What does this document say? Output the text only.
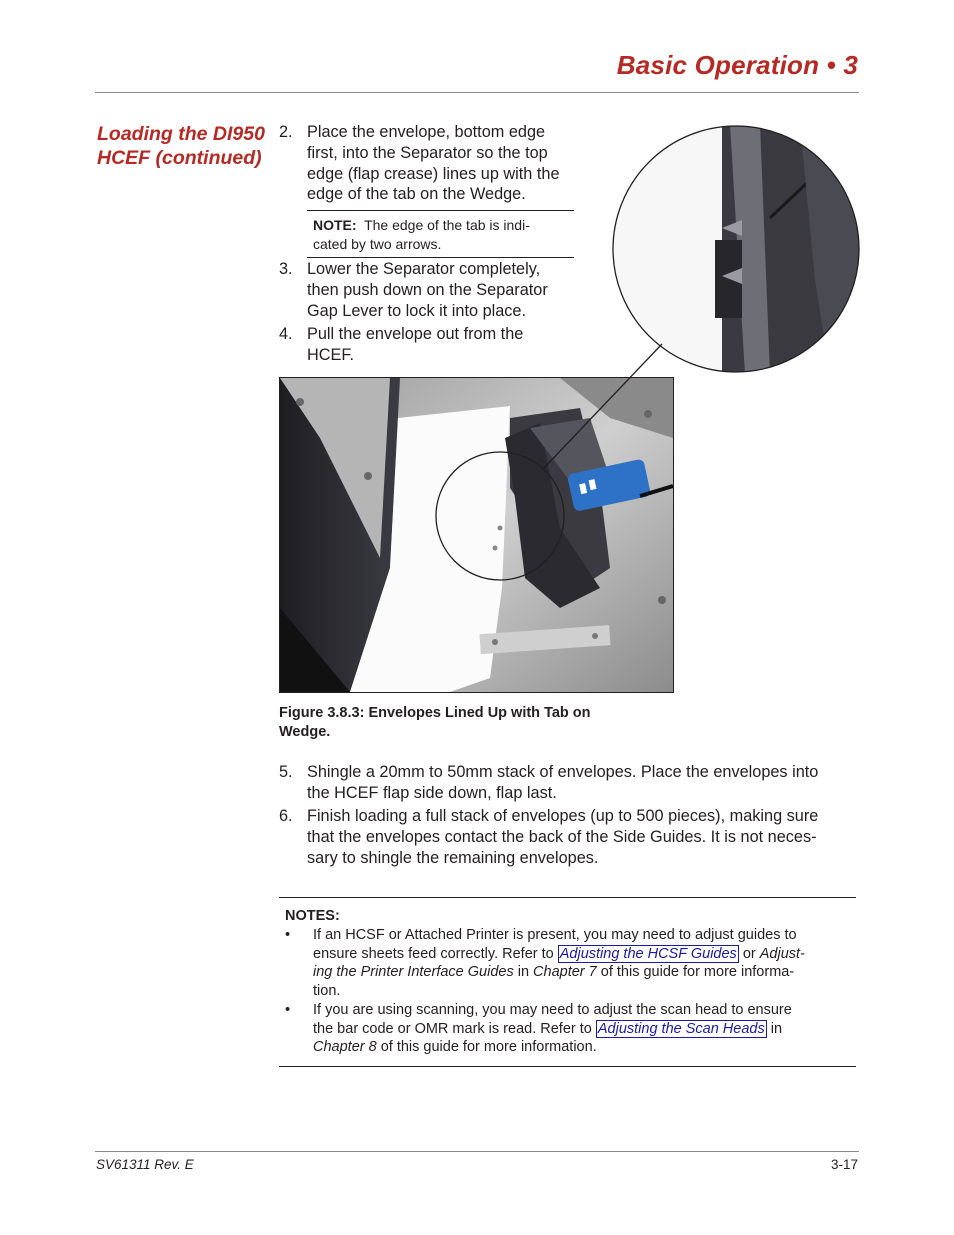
Basic Operation • 3
Loading the DI950 HCEF (continued)
2. Place the envelope, bottom edge
first, into the Separator so the top
edge (flap crease) lines up with the
edge of the tab on the Wedge.
NOTE: The edge of the tab is indi-
cated by two arrows.
3. Lower the Separator completely,
then push down on the Separator
Gap Lever to lock it into place.
4. Pull the envelope out from the
HCEF.
Figure 3.8.3: Envelopes Lined Up with Tab on
Wedge.
5. Shingle a 20mm to 50mm stack of envelopes. Place the envelopes into
the HCEF flap side down, flap last.
6. Finish loading a full stack of envelopes (up to 500 pieces), making sure
that the envelopes contact the back of the Side Guides. It is not neces-
sary to shingle the remaining envelopes.
NOTES:
• If an HCSF or Attached Printer is present, you may need to adjust guides to
ensure sheets feed correctly. Refer to Adjusting the HCSF Guides or Adjust-
ing the Printer Interface Guides in Chapter 7 of this guide for more informa-
tion.
• If you are using scanning, you may need to adjust the scan head to ensure
the bar code or OMR mark is read. Refer to Adjusting the Scan Heads in
Chapter 8 of this guide for more information.
SV61311 Rev. E	3-17
